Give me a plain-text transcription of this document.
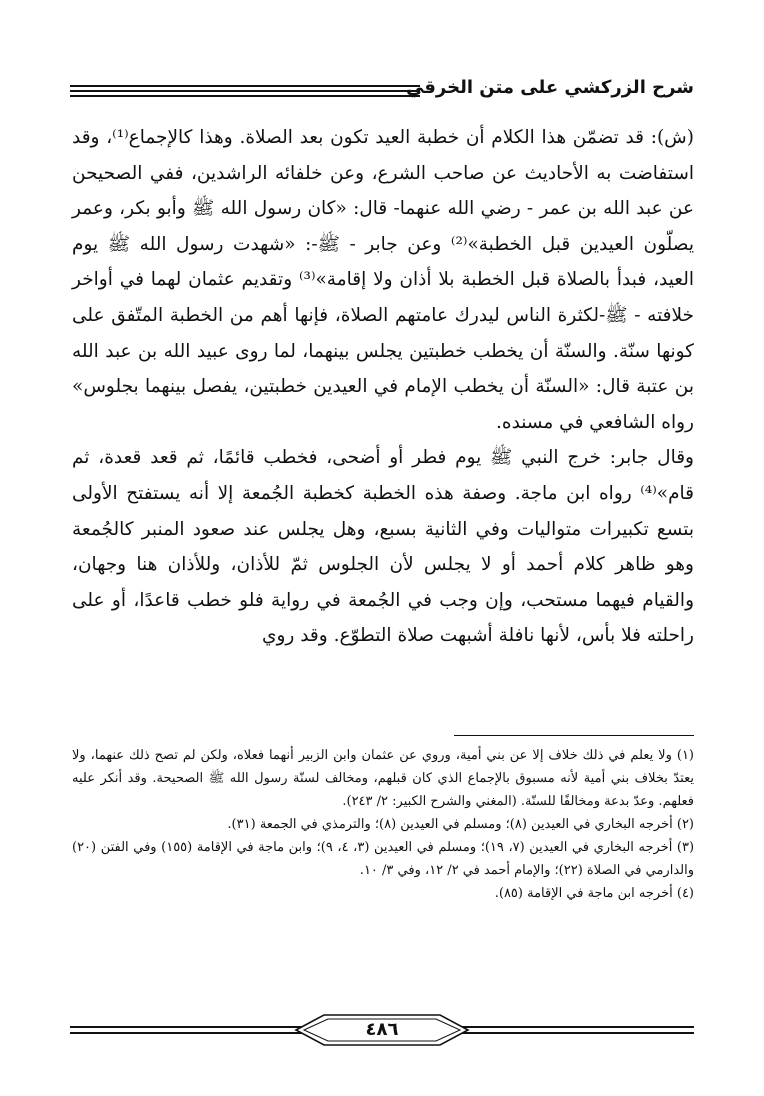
شرح الزركشي على متن الخرقي

(ش): قد تضمّن هذا الكلام أن خطبة العيد تكون بعد الصلاة. وهذا كالإجماع⁽¹⁾، وقد استفاضت به الأحاديث عن صاحب الشرع، وعن خلفائه الراشدين، ففي الصحيحن عن عبد الله بن عمر - رضي الله عنهما- قال: «كان رسول الله ﷺ وأبو بكر، وعمر يصلّون العيدين قبل الخطبة»⁽²⁾ وعن جابر - ﷺ-: «شهدت رسول الله ﷺ يوم العيد، فبدأ بالصلاة قبل الخطبة بلا أذان ولا إقامة»⁽³⁾ وتقديم عثمان لهما في أواخر خلافته - ﷺ-لكثرة الناس ليدرك عامتهم الصلاة، فإنها أهم من الخطبة المتّفق على كونها سنّة. والسنّة أن يخطب خطبتين يجلس بينهما، لما روى عبيد الله بن عبد الله بن عتبة قال: «السنّة أن يخطب الإمام في العيدين خطبتين، يفصل بينهما بجلوس» رواه الشافعي في مسنده.

وقال جابر: خرج النبي ﷺ يوم فطر أو أضحى، فخطب قائمًا، ثم قعد قعدة، ثم قام»⁽⁴⁾ رواه ابن ماجة. وصفة هذه الخطبة كخطبة الجُمعة إلا أنه يستفتح الأولى بتسع تكبيرات متواليات وفي الثانية بسبع، وهل يجلس عند صعود المنبر كالجُمعة وهو ظاهر كلام أحمد أو لا يجلس لأن الجلوس ثمّ للأذان، وللأذان هنا وجهان، والقيام فيهما مستحب، وإن وجب في الجُمعة في رواية فلو خطب قاعدًا، أو على راحلته فلا بأس، لأنها نافلة أشبهت صلاة التطوّع. وقد روي

(١) ولا يعلم في ذلك خلاف إلا عن بني أمية، وروي عن عثمان وابن الزبير أنهما فعلاه، ولكن لم تصح ذلك عنهما، ولا يعتدّ بخلاف بني أمية لأنه مسبوق بالإجماع الذي كان قبلهم، ومخالف لسنّة رسول الله ﷺ الصحيحة. وقد أنكر عليه فعلهم. وعدّ بدعة ومخالفًا للسنّة. (المغني والشرح الكبير: ٢/ ٢٤٣).

(٢) أخرجه البخاري في العيدين (٨)؛ ومسلم في العيدين (٨)؛ والترمذي في الجمعة (٣١).

(٣) أخرجه البخاري في العيدين (٧، ١٩)؛ ومسلم في العيدين (٣، ٤، ٩)؛ وابن ماجة في الإقامة (١٥٥) وفي الفتن (٢٠) والدارمي في الصلاة (٢٢)؛ والإمام أحمد في ٢/ ١٢، وفي ٣/ ١٠.

(٤) أخرجه ابن ماجة في الإقامة (٨٥).

٤٨٦
